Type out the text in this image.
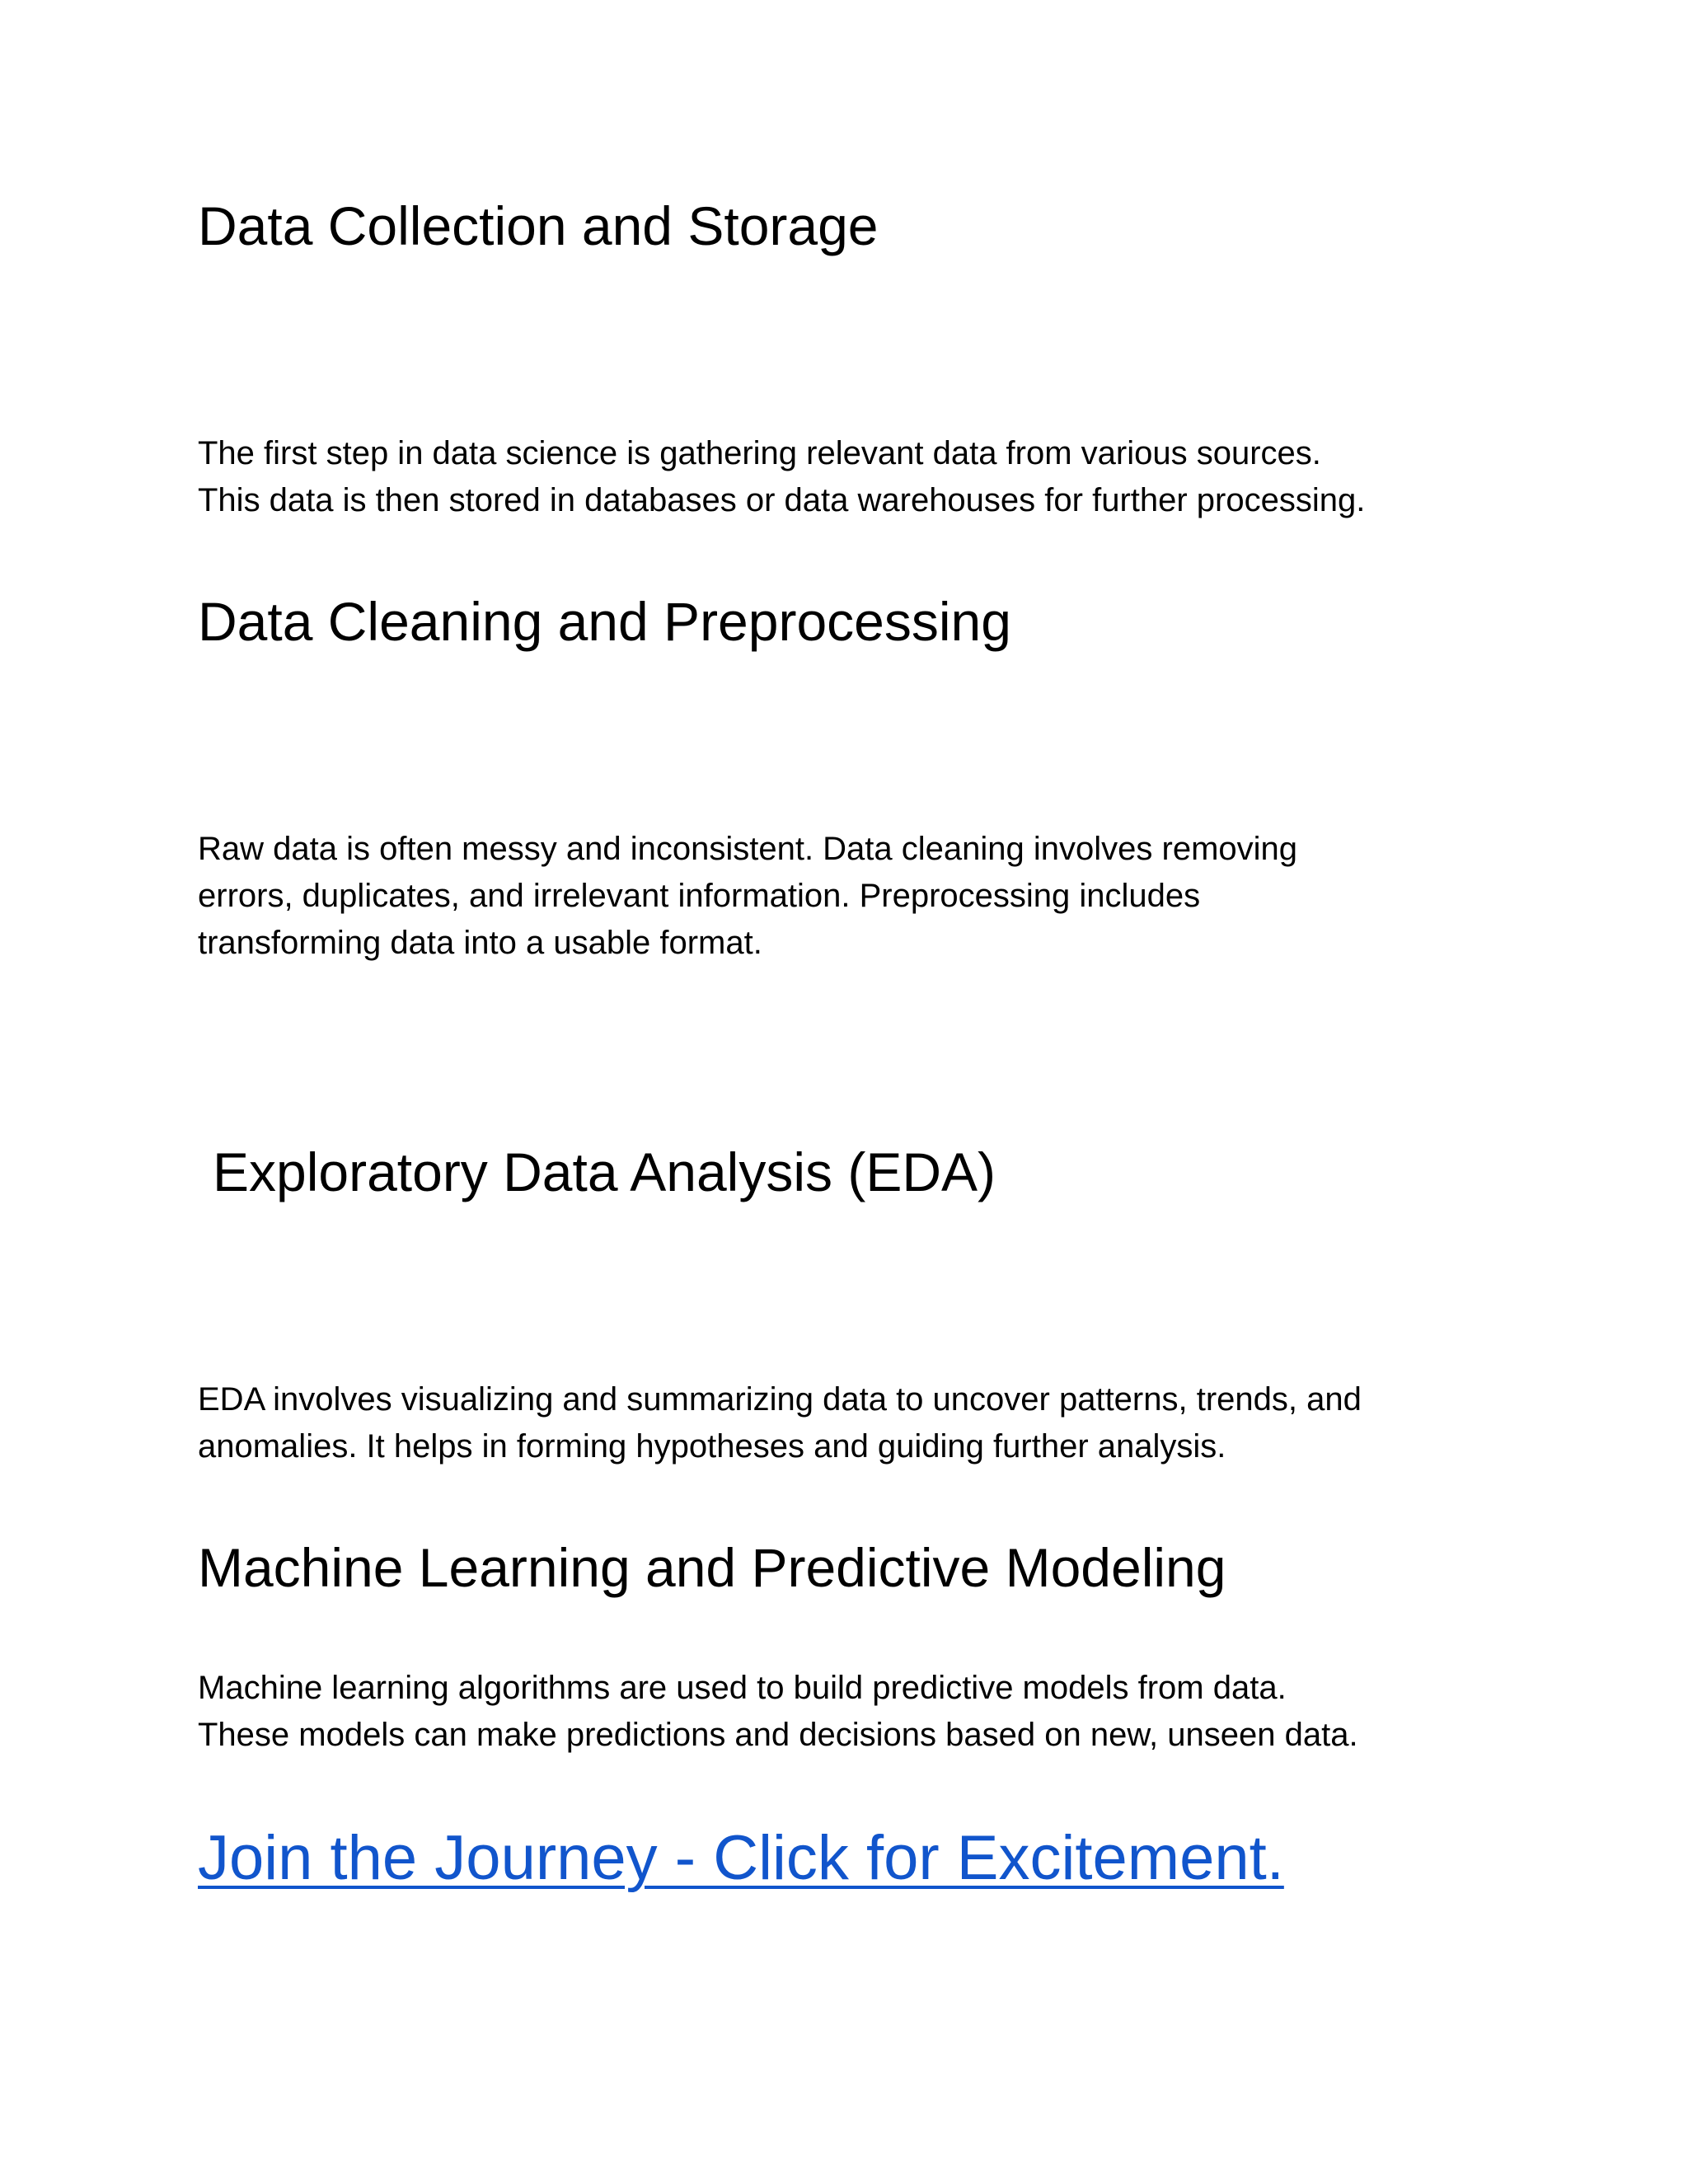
Data Collection and Storage

The first step in data science is gathering relevant data from various sources.
This data is then stored in databases or data warehouses for further processing.

Data Cleaning and Preprocessing

Raw data is often messy and inconsistent. Data cleaning involves removing
errors, duplicates, and irrelevant information. Preprocessing includes
transforming data into a usable format.

Exploratory Data Analysis (EDA)

EDA involves visualizing and summarizing data to uncover patterns, trends, and
anomalies. It helps in forming hypotheses and guiding further analysis.

Machine Learning and Predictive Modeling

Machine learning algorithms are used to build predictive models from data.
These models can make predictions and decisions based on new, unseen data.

Join the Journey - Click for Excitement.
